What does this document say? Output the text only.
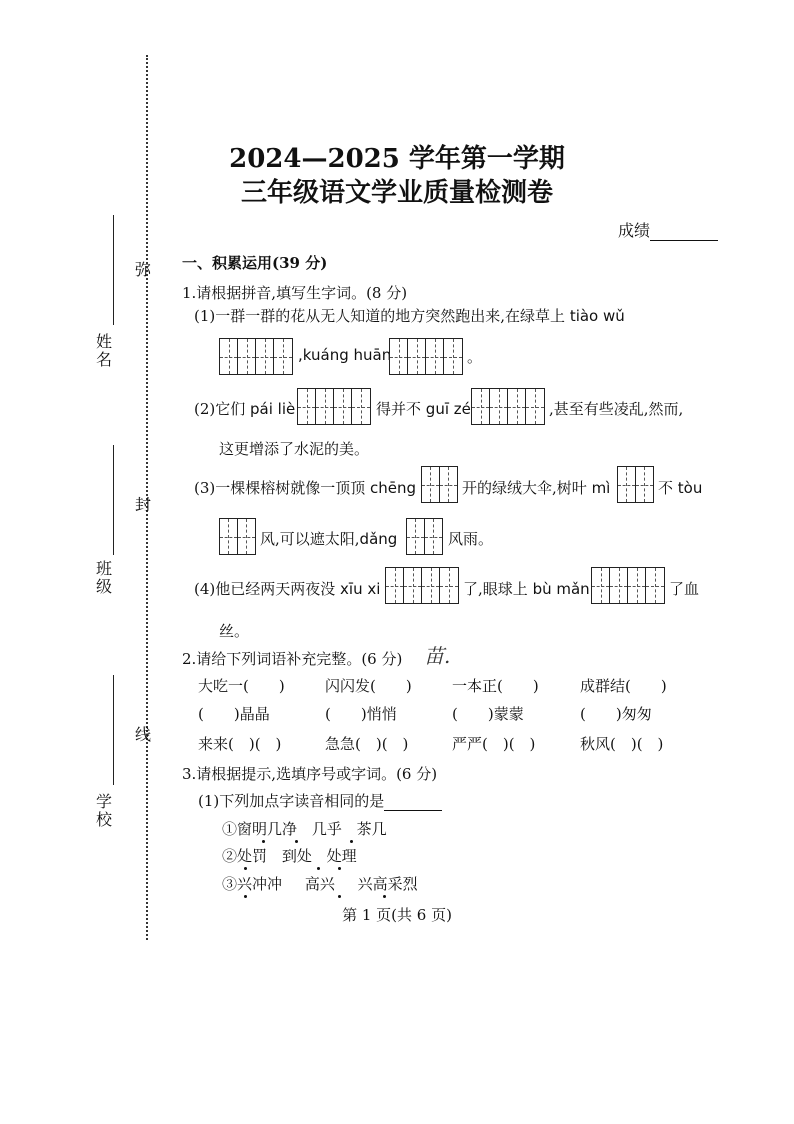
姓名
班级
学校
弥
封
线
2024—2025 学年第一学期
三年级语文学业质量检测卷
成绩
一、积累运用(39 分)
1.请根据拼音,填写生字词。(8 分)
(1)一群一群的花从无人知道的地方突然跑出来,在绿草上 tiào wǔ
,kuáng huān	。
(2)它们 pái liè	得并不 guī zé	,甚至有些凌乱,然而,
这更增添了水泥的美。
(3)一棵棵榕树就像一顶顶 chēng	开的绿绒大伞,树叶 mì	不 tòu
风,可以遮太阳,dǎng	风雨。
(4)他已经两天两夜没 xīu xi	了,眼球上 bù mǎn	了血
丝。
2.请给下列词语补充完整。(6 分) 苗.
大吃一(　　)	闪闪发(　　)	一本正(　　)	成群结(　　)
(　　)晶晶	(　　)悄悄	(　　)蒙蒙	(　　)匆匆
来来(　)(　)	急急(　)(　)	严严(　)(　)	秋风(　)(　)
3.请根据提示,选填序号或字词。(6 分)
(1)下列加点字读音相同的是
①窗明几净 几乎 茶几
②处罚 到处 处理
③兴冲冲 高兴 兴高采烈
第 1 页(共 6 页)
